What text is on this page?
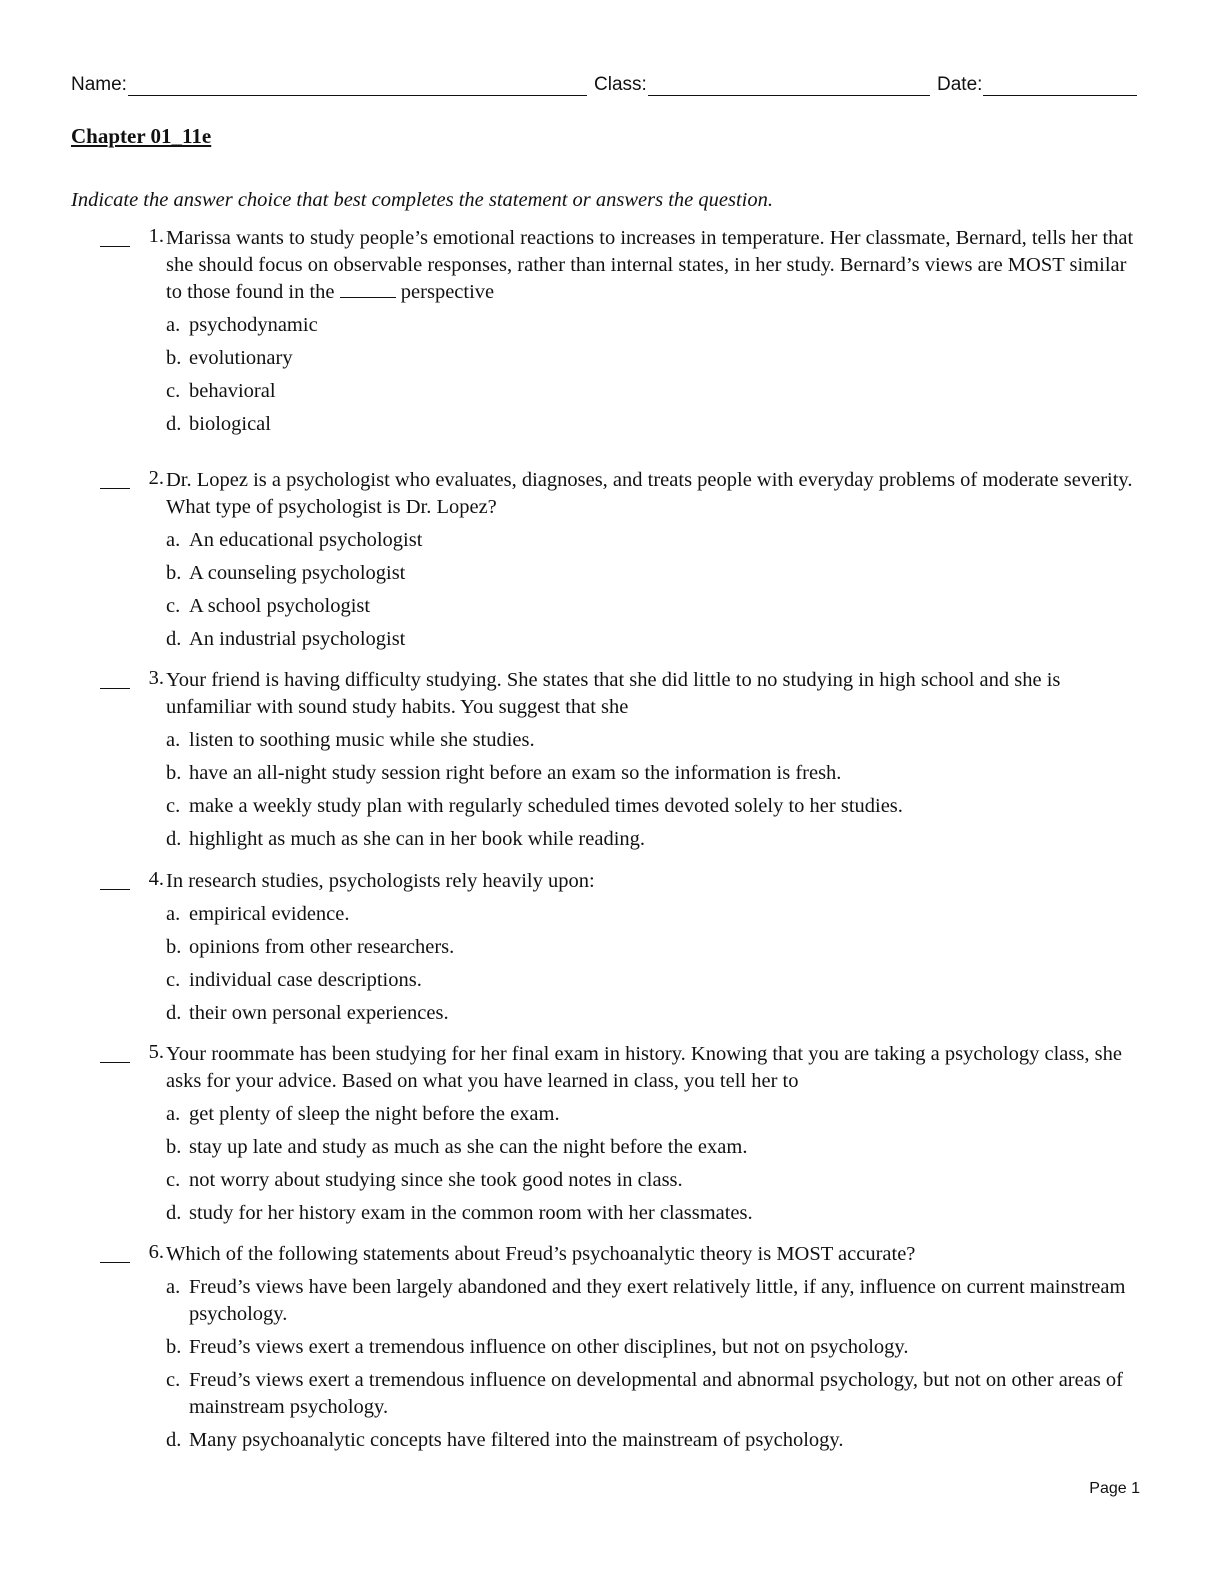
Name:	Class:	Date:
Chapter 01_11e
Indicate the answer choice that best completes the statement or answers the question.
1. Marissa wants to study people’s emotional reactions to increases in temperature. Her classmate, Bernard, tells her that she should focus on observable responses, rather than internal states, in her study. Bernard’s views are MOST similar to those found in the	perspective
a. psychodynamic
b. evolutionary
c. behavioral
d. biological
2. Dr. Lopez is a psychologist who evaluates, diagnoses, and treats people with everyday problems of moderate severity. What type of psychologist is Dr. Lopez?
a. An educational psychologist
b. A counseling psychologist
c. A school psychologist
d. An industrial psychologist
3. Your friend is having difficulty studying. She states that she did little to no studying in high school and she is unfamiliar with sound study habits. You suggest that she
a. listen to soothing music while she studies.
b. have an all-night study session right before an exam so the information is fresh.
c. make a weekly study plan with regularly scheduled times devoted solely to her studies.
d. highlight as much as she can in her book while reading.
4. In research studies, psychologists rely heavily upon:
a. empirical evidence.
b. opinions from other researchers.
c. individual case descriptions.
d. their own personal experiences.
5. Your roommate has been studying for her final exam in history. Knowing that you are taking a psychology class, she asks for your advice. Based on what you have learned in class, you tell her to
a. get plenty of sleep the night before the exam.
b. stay up late and study as much as she can the night before the exam.
c. not worry about studying since she took good notes in class.
d. study for her history exam in the common room with her classmates.
6. Which of the following statements about Freud’s psychoanalytic theory is MOST accurate?
a. Freud’s views have been largely abandoned and they exert relatively little, if any, influence on current mainstream psychology.
b. Freud’s views exert a tremendous influence on other disciplines, but not on psychology.
c. Freud’s views exert a tremendous influence on developmental and abnormal psychology, but not on other areas of mainstream psychology.
d. Many psychoanalytic concepts have filtered into the mainstream of psychology.
Page 1
